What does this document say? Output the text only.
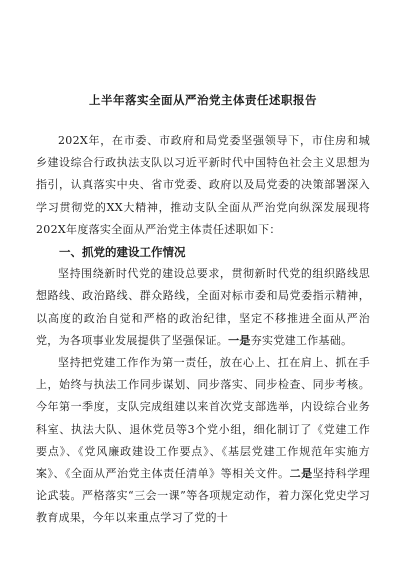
上半年落实全面从严治党主体责任述职报告

202X年，在市委、市政府和局党委坚强领导下，市住房和城乡建设综合行政执法支队以习近平新时代中国特色社会主义思想为指引，认真落实中央、省市党委、政府以及局党委的决策部署深入学习贯彻党的XX大精神，推动支队全面从严治党向纵深发展现将202X年度落实全面从严治党主体责任述职如下：

一、抓党的建设工作情况

坚持围绕新时代党的建设总要求，贯彻新时代党的组织路线思想路线、政治路线、群众路线，全面对标市委和局党委指示精神，以高度的政治自觉和严格的政治纪律，坚定不移推进全面从严治党，为各项事业发展提供了坚强保证。一是夯实党建工作基础。

坚持把党建工作作为第一责任，放在心上、扛在肩上、抓在手上，始终与执法工作同步谋划、同步落实、同步检查、同步考核。今年第一季度，支队完成组建以来首次党支部选举，内设综合业务科室、执法大队、退休党员等3个党小组，细化制订了《党建工作要点》、《党风廉政建设工作要点》、《基层党建工作规范年实施方案》、《全面从严治党主体责任清单》等相关文件。二是坚持科学理论武装。严格落实“三会一课”等各项规定动作，着力深化党史学习教育成果，今年以来重点学习了党的十
